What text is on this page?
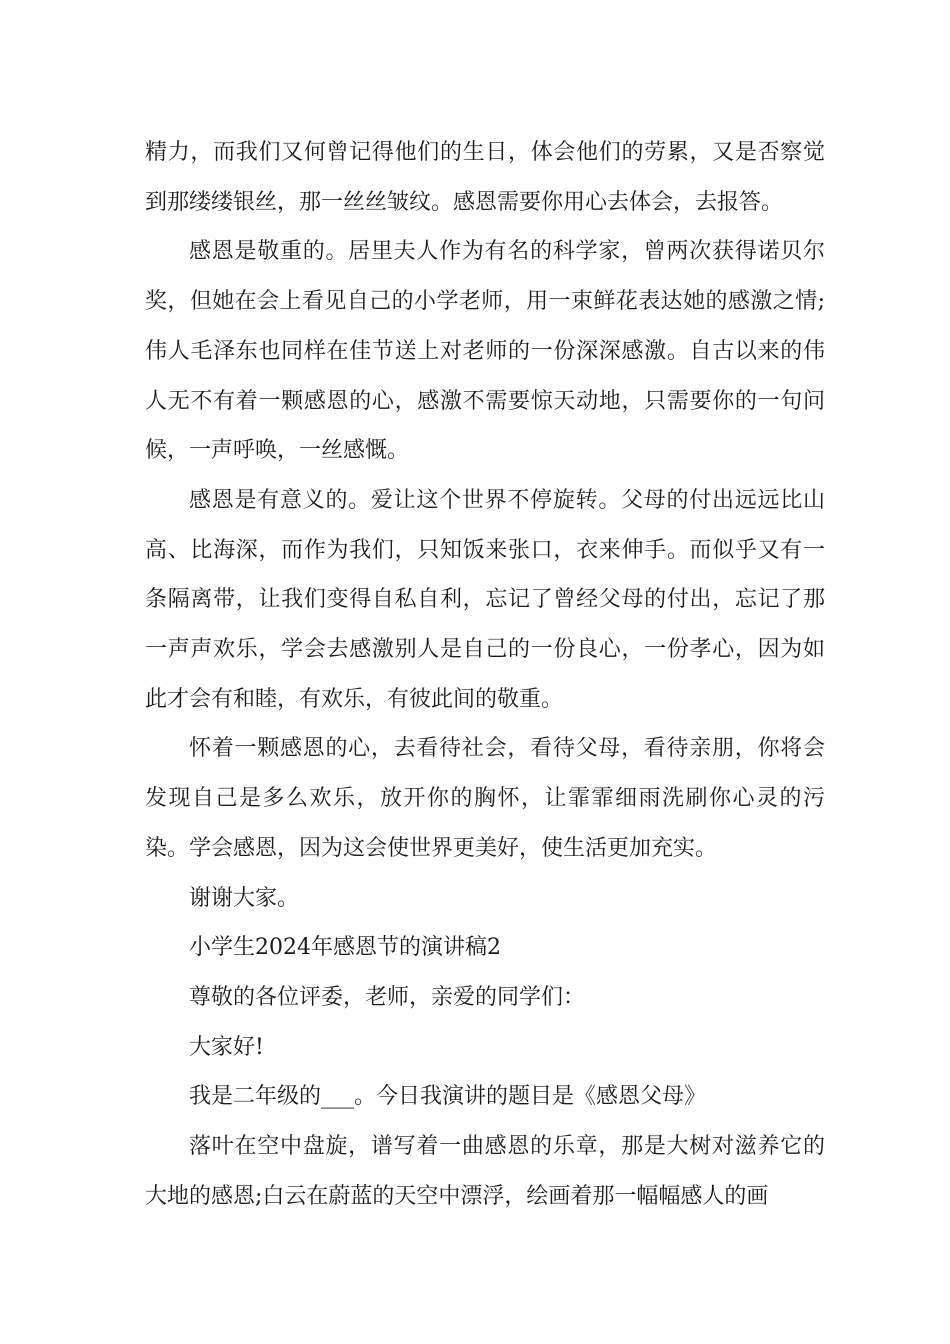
精力，而我们又何曾记得他们的生日，体会他们的劳累，又是否察觉到那缕缕银丝，那一丝丝皱纹。感恩需要你用心去体会，去报答。

感恩是敬重的。居里夫人作为有名的科学家，曾两次获得诺贝尔奖，但她在会上看见自己的小学老师，用一束鲜花表达她的感激之情;伟人毛泽东也同样在佳节送上对老师的一份深深感激。自古以来的伟人无不有着一颗感恩的心，感激不需要惊天动地，只需要你的一句问候，一声呼唤，一丝感慨。

感恩是有意义的。爱让这个世界不停旋转。父母的付出远远比山高、比海深，而作为我们，只知饭来张口，衣来伸手。而似乎又有一条隔离带，让我们变得自私自利，忘记了曾经父母的付出，忘记了那一声声欢乐，学会去感激别人是自己的一份良心，一份孝心，因为如此才会有和睦，有欢乐，有彼此间的敬重。

怀着一颗感恩的心，去看待社会，看待父母，看待亲朋，你将会发现自己是多么欢乐，放开你的胸怀，让霏霏细雨洗刷你心灵的污染。学会感恩，因为这会使世界更美好，使生活更加充实。

谢谢大家。

小学生2024年感恩节的演讲稿2

尊敬的各位评委，老师，亲爱的同学们：

大家好!

我是二年级的___。今日我演讲的题目是《感恩父母》

落叶在空中盘旋，谱写着一曲感恩的乐章，那是大树对滋养它的大地的感恩;白云在蔚蓝的天空中漂浮，绘画着那一幅幅感人的画
